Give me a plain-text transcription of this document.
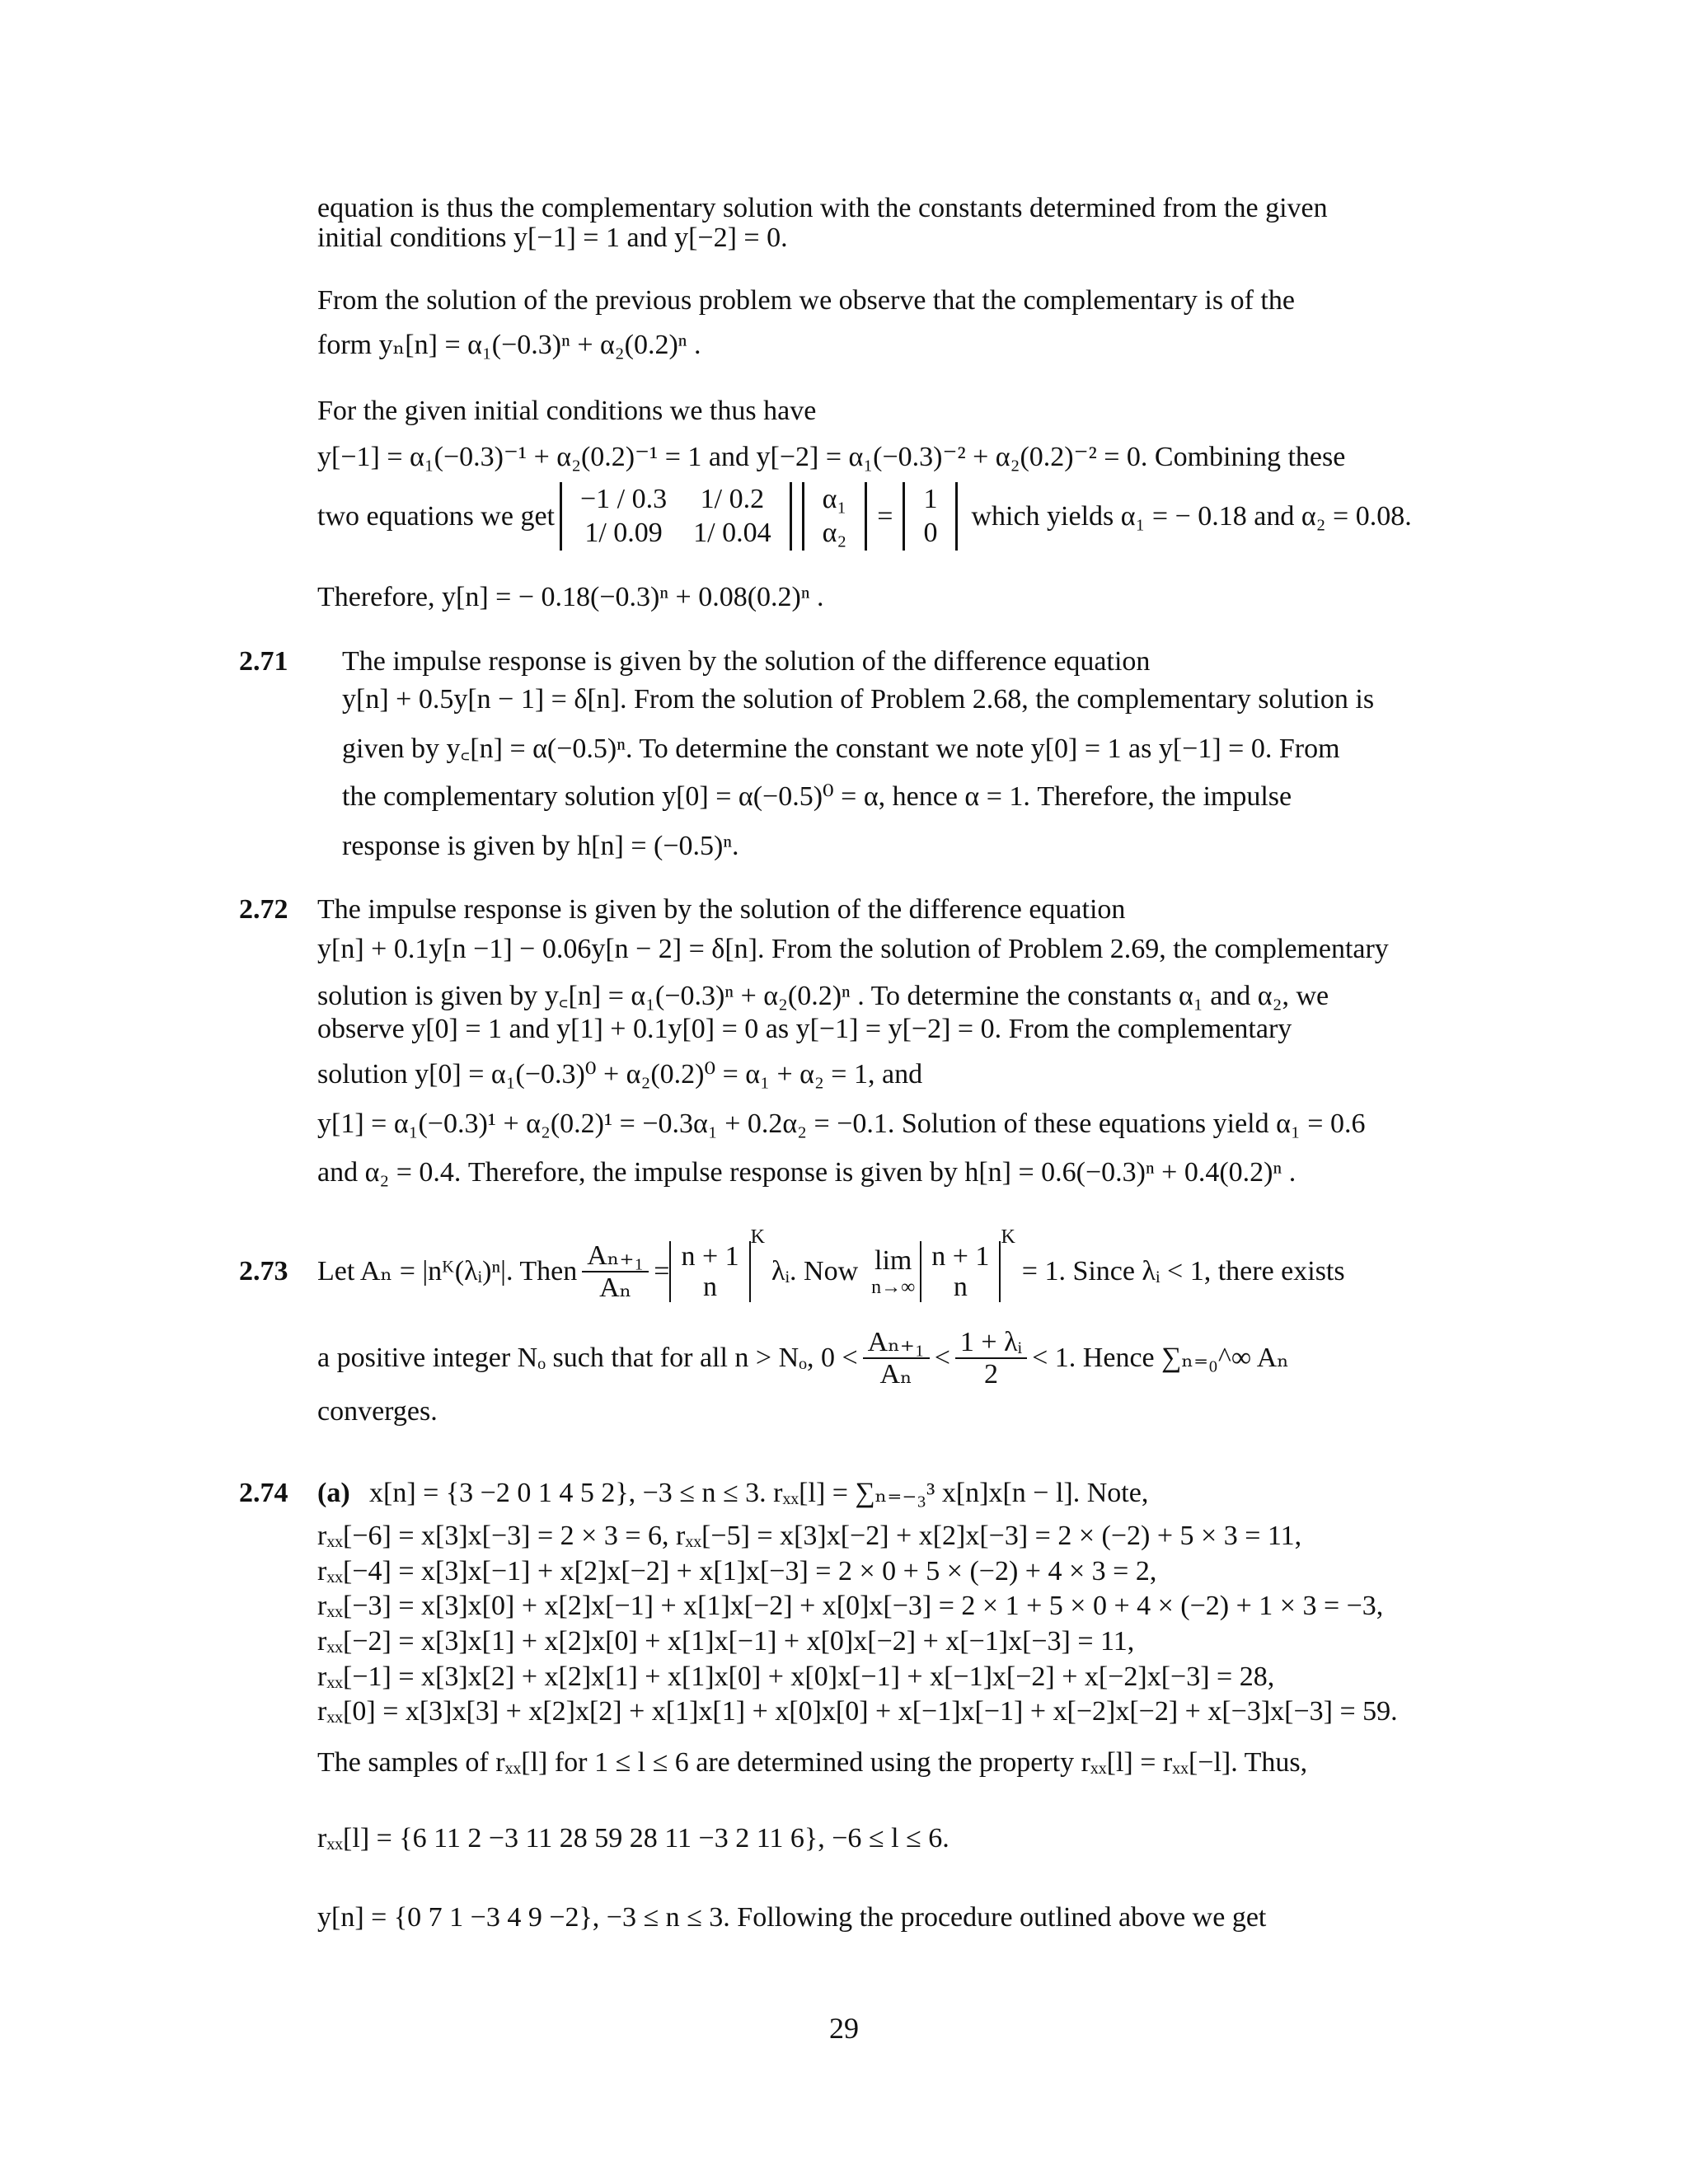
equation is thus the complementary solution with the constants determined from the given
initial conditions y[−1] = 1 and y[−2] = 0.
From the solution of the previous problem we observe that the complementary is of the
form yₙ[n] = α₁(−0.3)ⁿ + α₂(0.2)ⁿ .
For the given initial conditions we thus have
y[−1] = α₁(−0.3)⁻¹ + α₂(0.2)⁻¹ = 1 and y[−2] = α₁(−0.3)⁻² + α₂(0.2)⁻² = 0. Combining these
two equations we get
−1 / 0.3	1/ 0.2
1/ 0.09	1/ 0.04
α₁
α₂
=
1
0
which yields α₁ = − 0.18 and α₂ = 0.08.
Therefore, y[n] = − 0.18(−0.3)ⁿ + 0.08(0.2)ⁿ .
2.71 The impulse response is given by the solution of the difference equation
y[n] + 0.5y[n − 1] = δ[n]. From the solution of Problem 2.68, the complementary solution is
given by y꜀[n] = α(−0.5)ⁿ. To determine the constant we note y[0] = 1 as y[−1] = 0. From
the complementary solution y[0] = α(−0.5)⁰ = α, hence α = 1. Therefore, the impulse
response is given by h[n] = (−0.5)ⁿ.
2.72 The impulse response is given by the solution of the difference equation
y[n] + 0.1y[n −1] − 0.06y[n − 2] = δ[n]. From the solution of Problem 2.69, the complementary
solution is given by y꜀[n] = α₁(−0.3)ⁿ + α₂(0.2)ⁿ . To determine the constants α₁ and α₂, we
observe y[0] = 1 and y[1] + 0.1y[0] = 0 as y[−1] = y[−2] = 0. From the complementary
solution y[0] = α₁(−0.3)⁰ + α₂(0.2)⁰ = α₁ + α₂ = 1, and
y[1] = α₁(−0.3)¹ + α₂(0.2)¹ = −0.3α₁ + 0.2α₂ = −0.1. Solution of these equations yield α₁ = 0.6
and α₂ = 0.4. Therefore, the impulse response is given by h[n] = 0.6(−0.3)ⁿ + 0.4(0.2)ⁿ .
2.73 Let Aₙ = |nᴷ(λᵢ)ⁿ|. Then $\frac{\text{Aₙ₊₁}}{\text{Aₙ}}$ =
n + 1
n
$^K$
λᵢ. Now lim
n→∞
n + 1
n
$^K$
= 1. Since λᵢ < 1, there exists
a positive integer Nₒ such that for all n > Nₒ, $0 < \frac{\text{Aₙ₊₁}}{\text{Aₙ}} < \frac{\text{1 + λᵢ}}{2} < 1$. Hence ∑ₙ₌₀^∞ Aₙ
converges.
2.74 (a) x[n] = {3 −2 0 1 4 5 2}, −3 ≤ n ≤ 3. rₓₓ[l] = ∑ₙ₌₋₃³ x[n]x[n − l]. Note,
rₓₓ[−6] = x[3]x[−3] = 2 × 3 = 6, rₓₓ[−5] = x[3]x[−2] + x[2]x[−3] = 2 × (−2) + 5 × 3 = 11,
rₓₓ[−4] = x[3]x[−1] + x[2]x[−2] + x[1]x[−3] = 2 × 0 + 5 × (−2) + 4 × 3 = 2,
rₓₓ[−3] = x[3]x[0] + x[2]x[−1] + x[1]x[−2] + x[0]x[−3] = 2 × 1 + 5 × 0 + 4 × (−2) + 1 × 3 = −3,
rₓₓ[−2] = x[3]x[1] + x[2]x[0] + x[1]x[−1] + x[0]x[−2] + x[−1]x[−3] = 11,
rₓₓ[−1] = x[3]x[2] + x[2]x[1] + x[1]x[0] + x[0]x[−1] + x[−1]x[−2] + x[−2]x[−3] = 28,
rₓₓ[0] = x[3]x[3] + x[2]x[2] + x[1]x[1] + x[0]x[0] + x[−1]x[−1] + x[−2]x[−2] + x[−3]x[−3] = 59.
The samples of rₓₓ[l] for 1 ≤ l ≤ 6 are determined using the property rₓₓ[l] = rₓₓ[−l]. Thus,
rₓₓ[l] = {6 11 2 −3 11 28 59 28 11 −3 2 11 6}, −6 ≤ l ≤ 6.
y[n] = {0 7 1 −3 4 9 −2}, −3 ≤ n ≤ 3. Following the procedure outlined above we get
29
